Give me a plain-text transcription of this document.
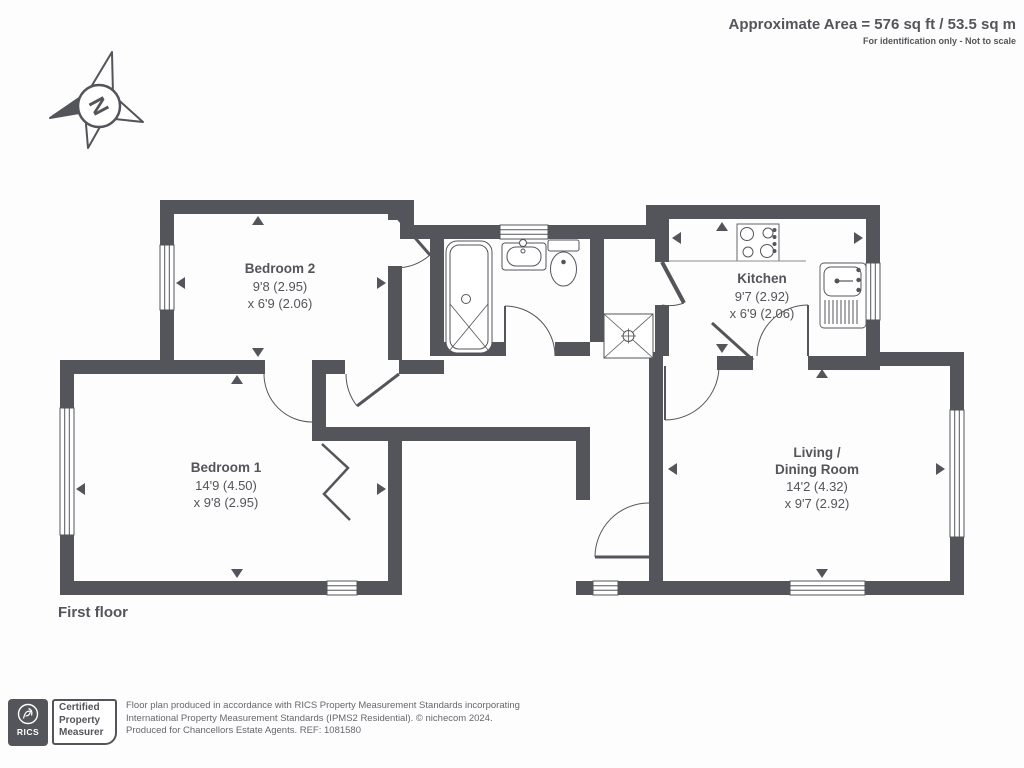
Approximate Area = 576 sq ft / 53.5 sq m
For identification only - Not to scale
N
Bedroom 2
9'8 (2.95)
x 6'9 (2.06)
Kitchen
9'7 (2.92)
x 6'9 (2.06)
Bedroom 1
14'9 (4.50)
x 9'8 (2.95)
Living /
Dining Room
14'2 (4.32)
x 9'7 (2.92)
First floor
RICS
Certified
Property
Measurer
Floor plan produced in accordance with RICS Property Measurement Standards incorporating
International Property Measurement Standards (IPMS2 Residential). © nichecom 2024.
Produced for Chancellors Estate Agents. REF: 1081580
